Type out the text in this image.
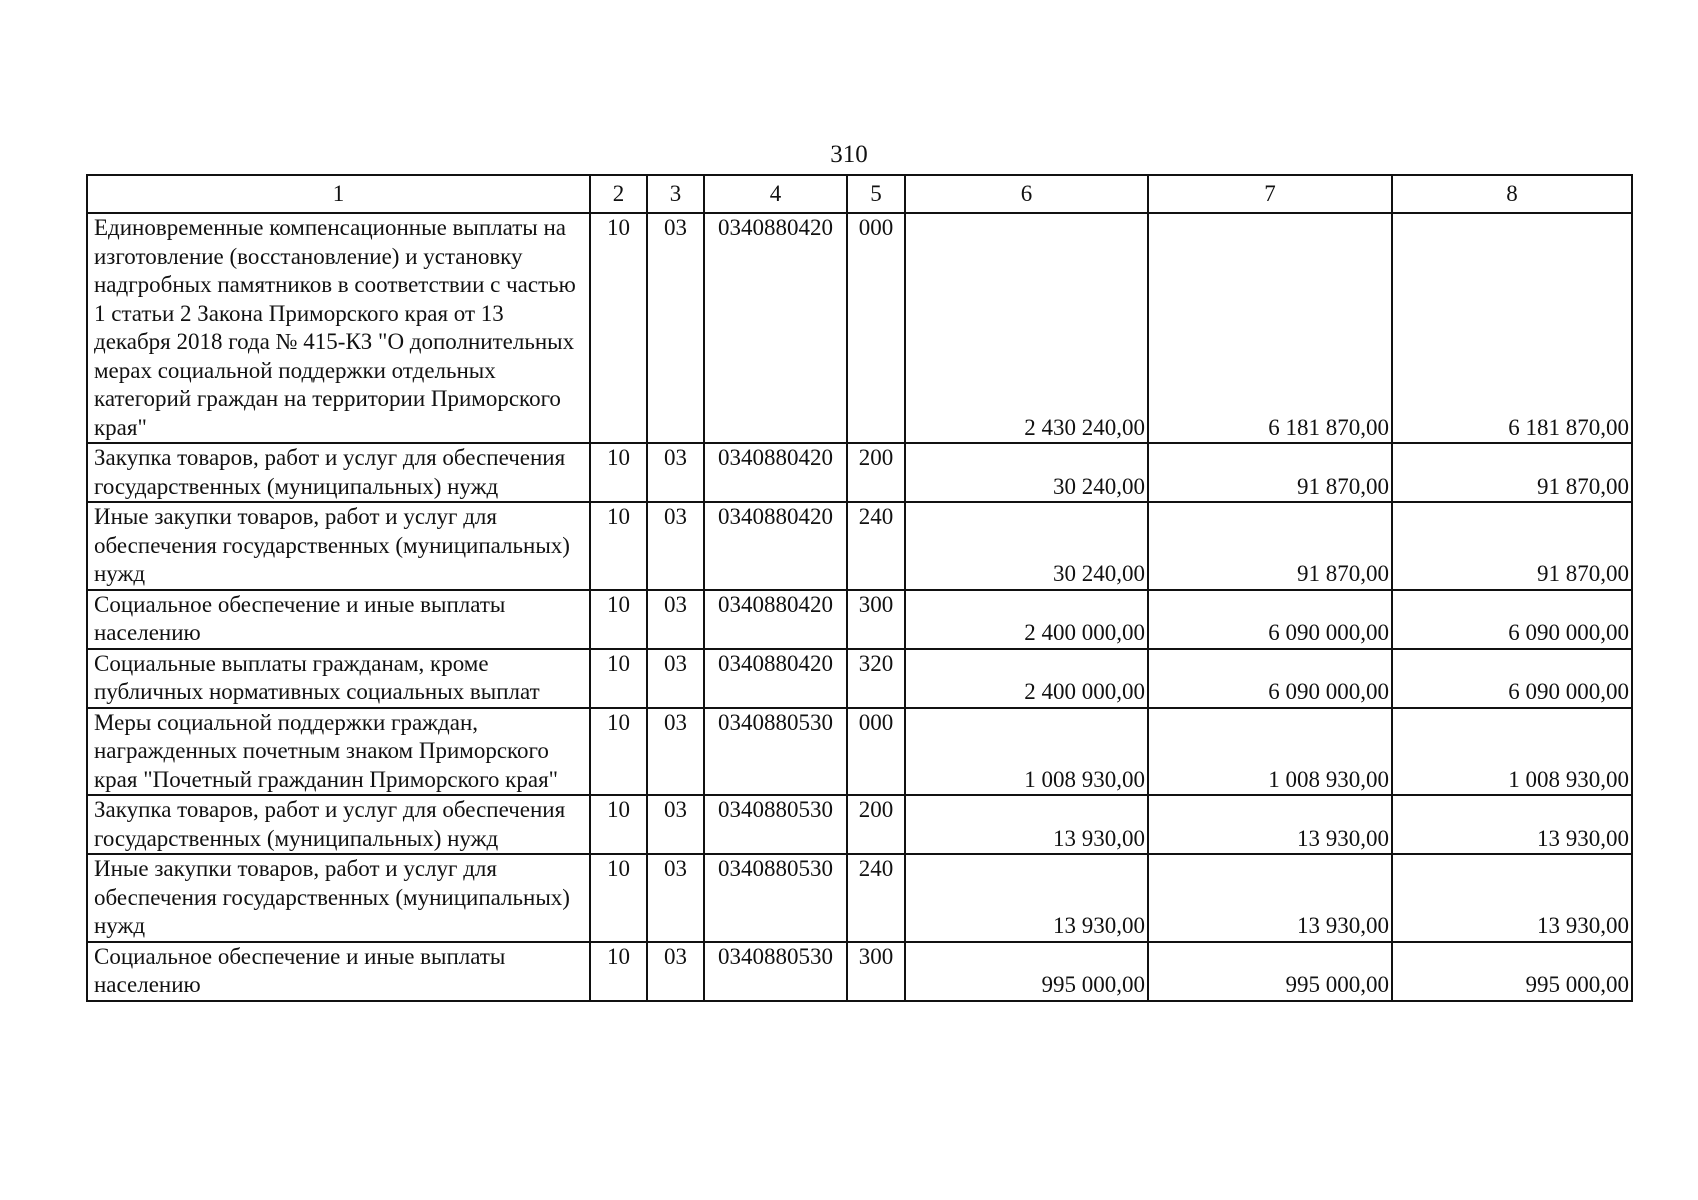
310
1	2	3	4	5	6	7	8
Единовременные компенсационные выплаты на изготовление (восстановление) и установку надгробных памятников в соответствии с частью 1 статьи 2 Закона Приморского края от 13 декабря 2018 года № 415-КЗ "О дополнительных мерах социальной поддержки отдельных категорий граждан на территории Приморского края"	10	03	0340880420	000	2 430 240,00	6 181 870,00	6 181 870,00
Закупка товаров, работ и услуг для обеспечения государственных (муниципальных) нужд	10	03	0340880420	200	30 240,00	91 870,00	91 870,00
Иные закупки товаров, работ и услуг для обеспечения государственных (муниципальных) нужд	10	03	0340880420	240	30 240,00	91 870,00	91 870,00
Социальное обеспечение и иные выплаты населению	10	03	0340880420	300	2 400 000,00	6 090 000,00	6 090 000,00
Социальные выплаты гражданам, кроме публичных нормативных социальных выплат	10	03	0340880420	320	2 400 000,00	6 090 000,00	6 090 000,00
Меры социальной поддержки граждан, награжденных почетным знаком Приморского края "Почетный гражданин Приморского края"	10	03	0340880530	000	1 008 930,00	1 008 930,00	1 008 930,00
Закупка товаров, работ и услуг для обеспечения государственных (муниципальных) нужд	10	03	0340880530	200	13 930,00	13 930,00	13 930,00
Иные закупки товаров, работ и услуг для обеспечения государственных (муниципальных) нужд	10	03	0340880530	240	13 930,00	13 930,00	13 930,00
Социальное обеспечение и иные выплаты населению	10	03	0340880530	300	995 000,00	995 000,00	995 000,00
